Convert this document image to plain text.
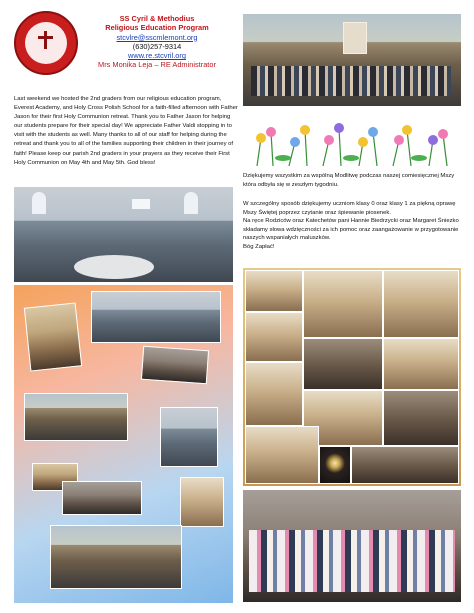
SS Cyril & Methodius
Religious Education Program
stcvlre@sscmlemont.org
(630)257-9314
www.re.stcvril.org
Mrs Monika Leja – RE Administrator

Last weekend we hosted the 2nd graders from our religious education program, Everest Academy, and Holy Cross Polish School for a faith-filled afternoon with Father Jason for their first Holy Communion retreat. Thank you to Father Jason for helping our students prepare for their special day! We appreciate Father Valdi stopping in to visit with the students as well. Many thanks to all of our staff for helping during the retreat and thank you to all of the families supporting their children in their journey of faith! Please keep our parish 2nd graders in your prayers as they receive their First Holy Communion on May 4th and May 5th. God bless!

Dziękujemy wszystkim za wspólną Modlitwę podczas naszej comiesięcznej Mszy która odbyła się w zeszłym tygodniu.

W szczególny sposób dziękujemy uczniom klasy 0 oraz klasy 1 za piękną oprawę Mszy Świętej poprzez czytanie oraz śpiewanie piosenek.

Na ręce Rodziców oraz Katechetów pani Hannie Biedrzycki oraz Margaret Śniezko składamy słowa wdzięczności za ich pomoc oraz zaangażowanie w przygotowanie naszych wspaniałych maluszków.

Bóg Zapłać!
